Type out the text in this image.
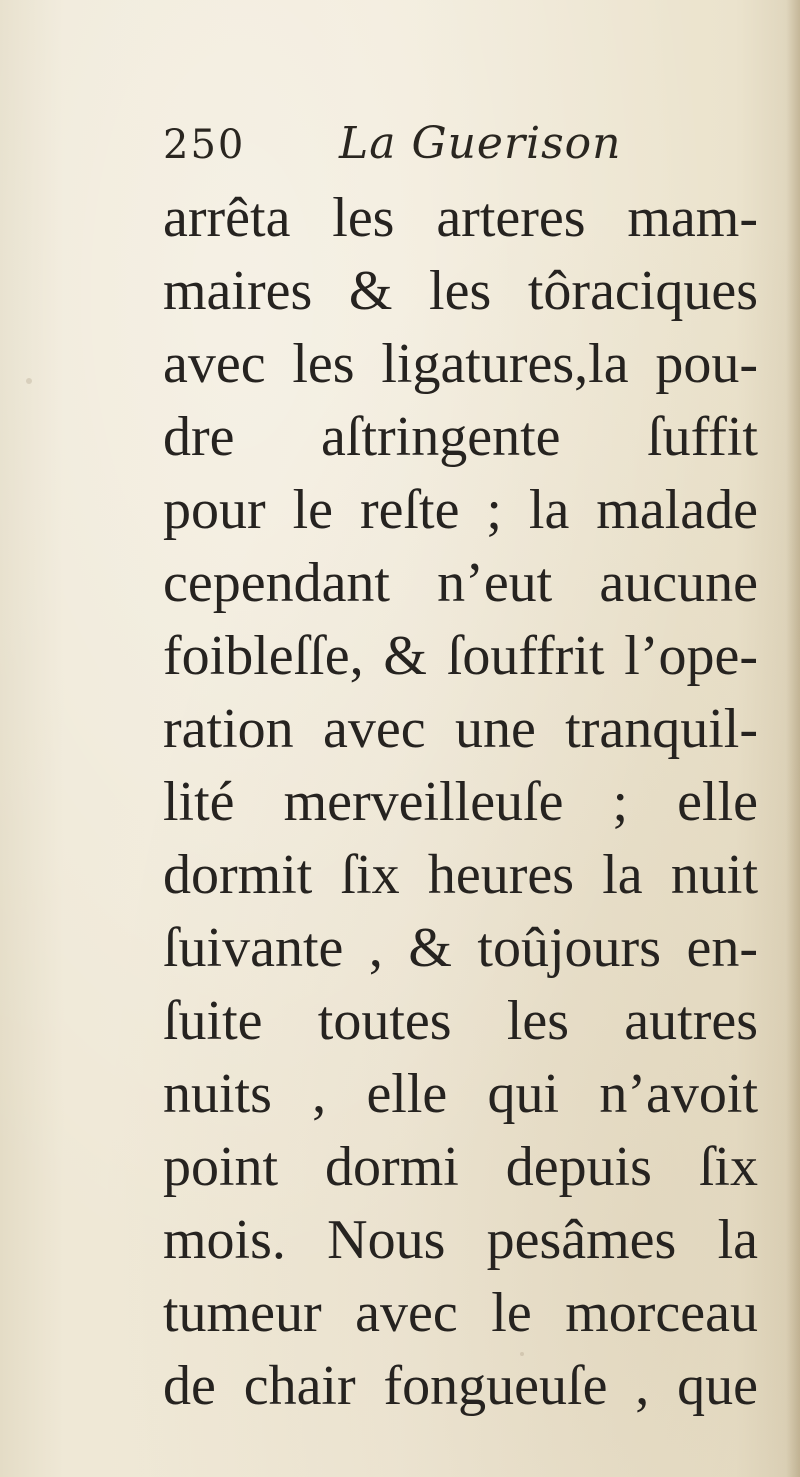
250 La Guerison
arrêta les arteres mam-
maires & les tôraciques
avec les ligatures,la pou-
dre aſtringente ſuffit
pour le reſte ; la malade
cependant n’eut aucune
foibleſſe, & ſouffrit l’ope-
ration avec une tranquil-
lité merveilleuſe ; elle
dormit ſix heures la nuit
ſuivante , & toûjours en-
ſuite toutes les autres
nuits , elle qui n’avoit
point dormi depuis ſix
mois. Nous pesâmes la
tumeur avec le morceau
de chair fongueuſe , que
